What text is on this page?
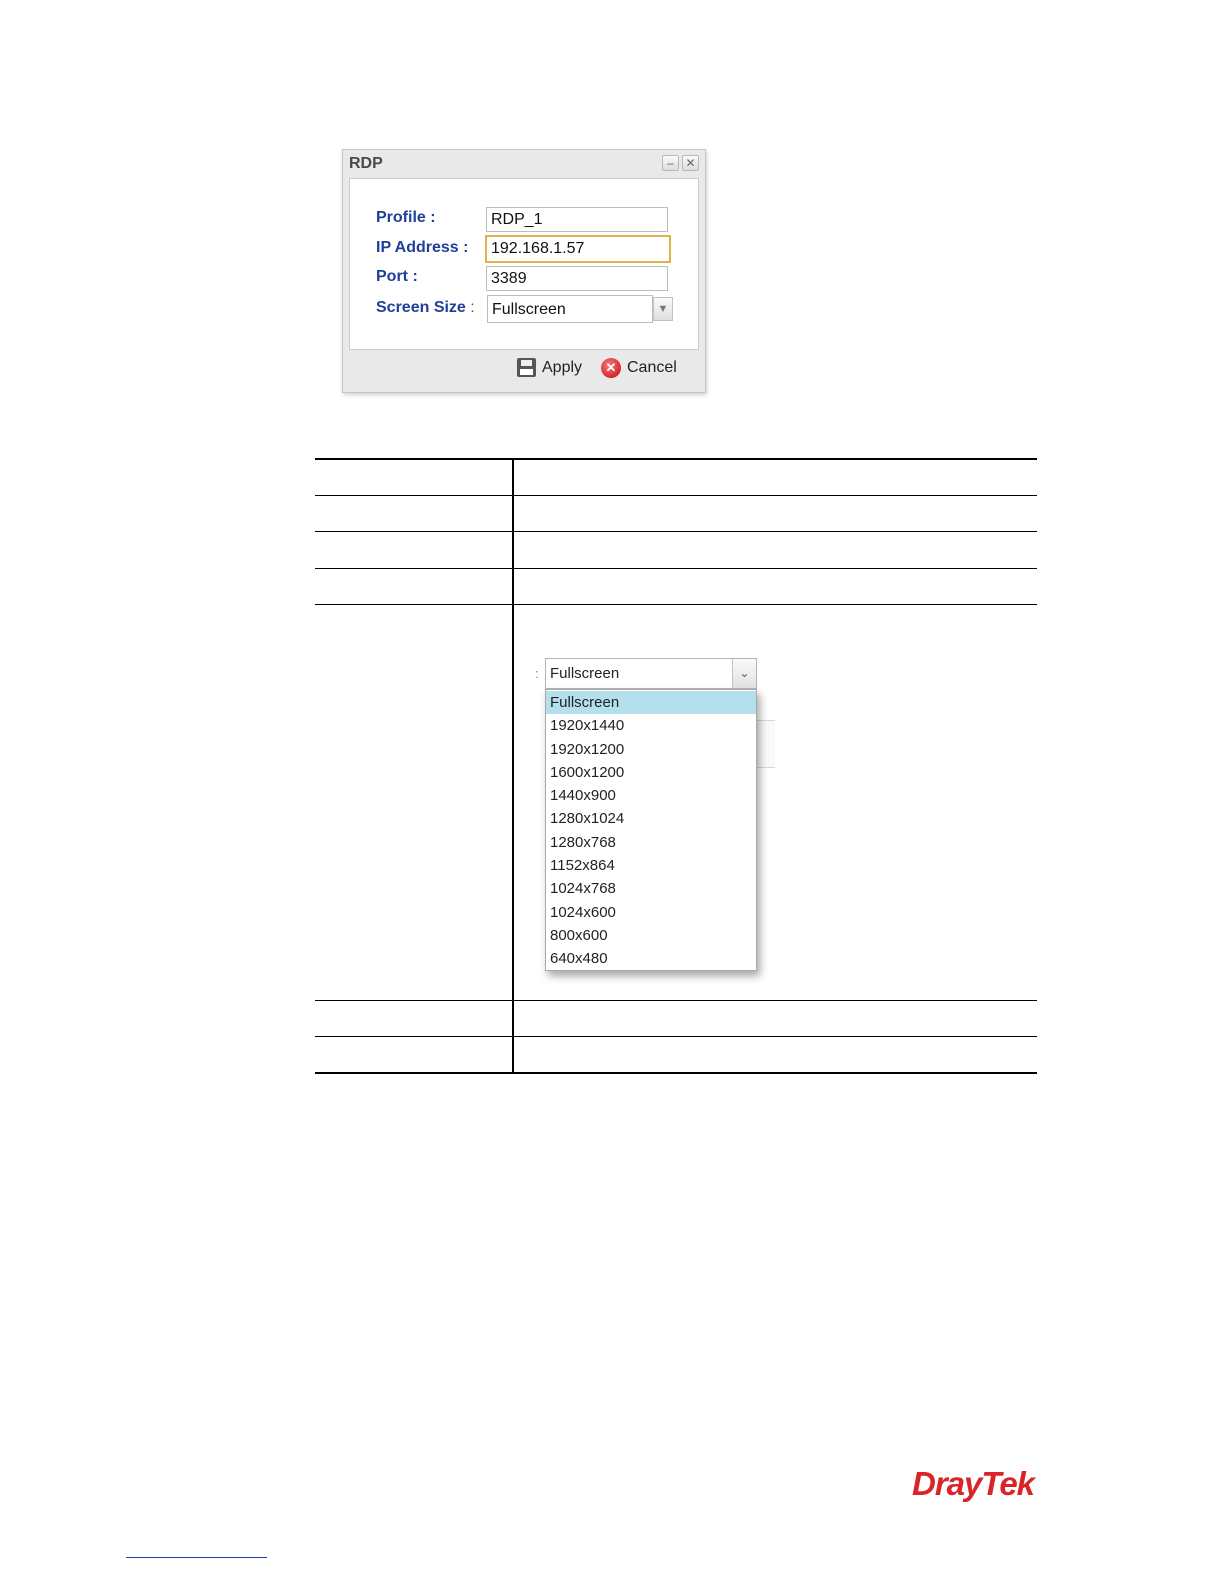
RDP	– ✕
Profile :
RDP_1
IP Address :
192.168.1.57
Port :
3389
Screen Size :	Fullscreen	▼
Apply	✕ Cancel
: Fullscreen	⌄
Fullscreen
1920x1440
1920x1200
1600x1200
1440x900
1280x1024
1280x768
1152x864
1024x768
1024x600
800x600
640x480
DrayTek
